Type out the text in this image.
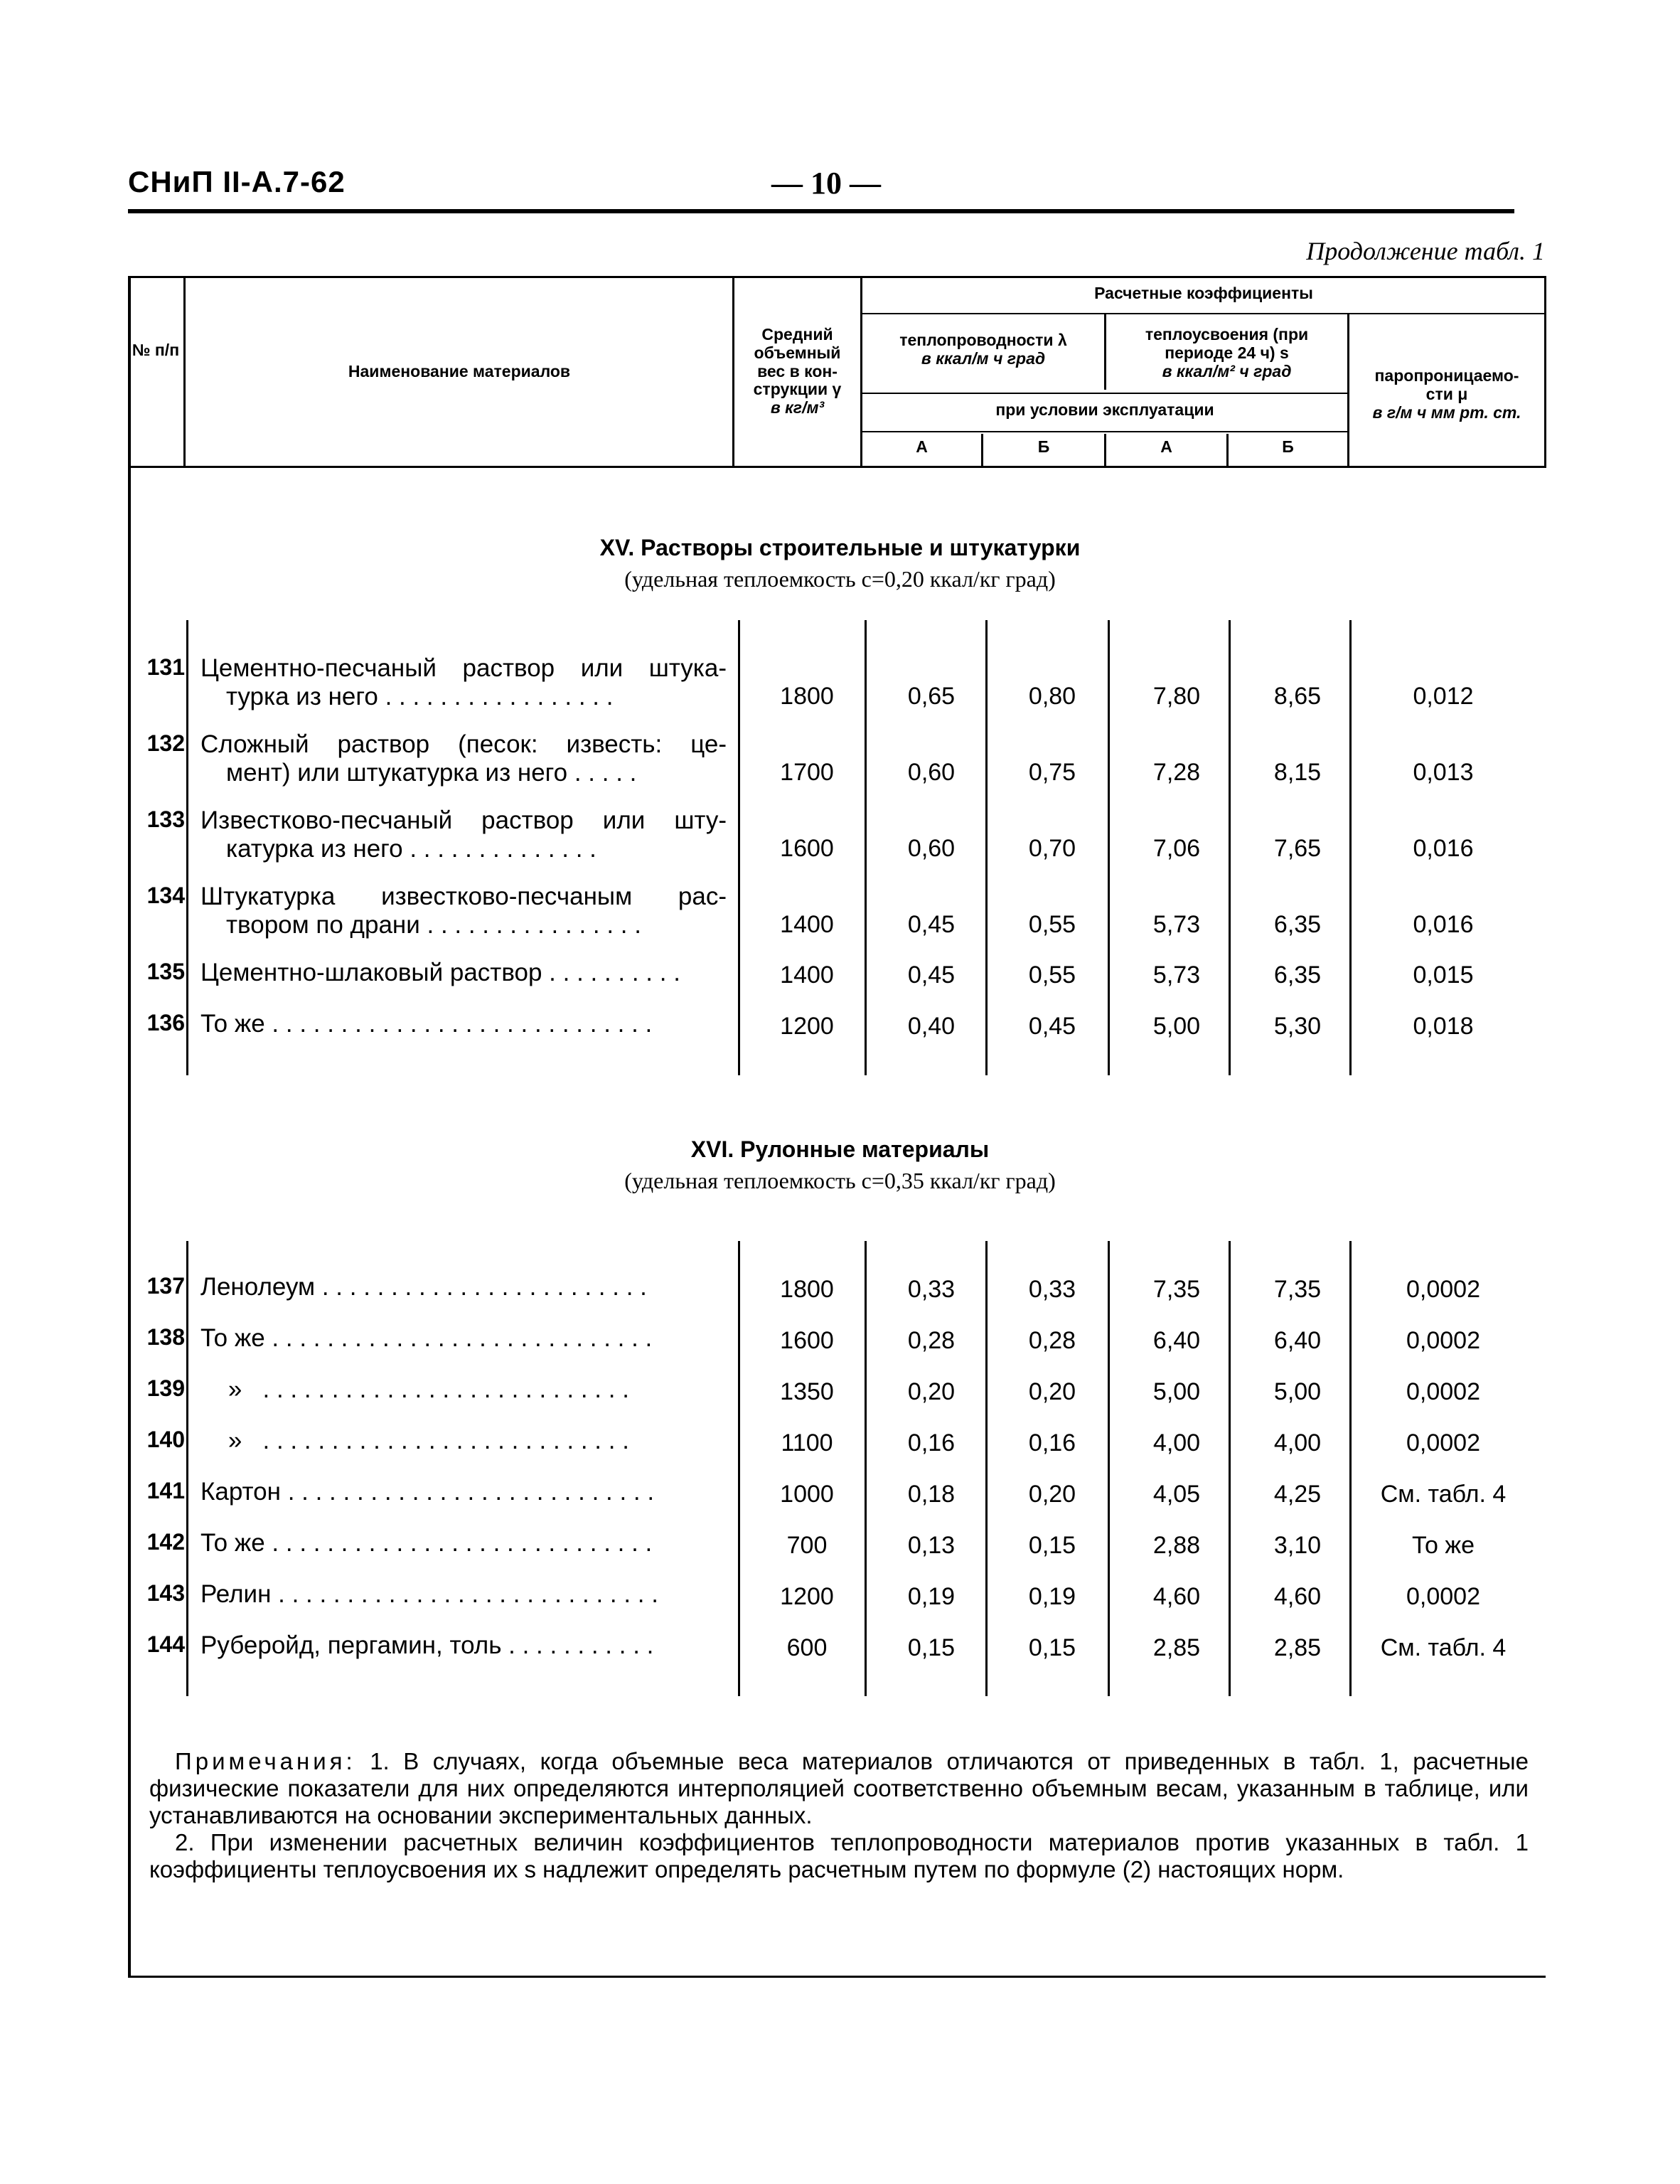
СНиП II-А.7-62	— 10 —
Продолжение табл. 1
№ п/п
Наименование материалов
Средний
объемный
вес в кон-
струкции γ
в кг/м³
Расчетные коэффициенты
теплопроводности λ
в ккал/м ч град
теплоусвоения (при
периоде 24 ч) s
в ккал/м² ч град	паропроницаемо-
сти μ
в г/м ч мм рт. ст.
при условии эксплуатации
А	Б	А	Б
XV. Растворы строительные и штукатурки
(удельная теплоемкость c=0,20 ккал/кг град)
131 Цементно-песчаный раствор или штука-
турка из него . . . . . . . . . . . . . . . . .	1800	0,65	0,80	7,80	8,65	0,012
132 Сложный раствор (песок: известь: це-
мент) или штукатурка из него . . . . .	1700	0,60	0,75	7,28	8,15	0,013
133 Известково-песчаный раствор или шту-
катурка из него . . . . . . . . . . . . . .	1600	0,60	0,70	7,06	7,65	0,016
134 Штукатурка известково-песчаным рас-
твором по драни . . . . . . . . . . . . . . . .	1400	0,45	0,55	5,73	6,35	0,016
135 Цементно-шлаковый раствор . . . . . . . . . .	1400	0,45	0,55	5,73	6,35	0,015
136 То же . . . . . . . . . . . . . . . . . . . . . . . . . . . .	1200	0,40	0,45	5,00	5,30	0,018
XVI. Рулонные материалы
(удельная теплоемкость c=0,35 ккал/кг град)
137 Ленолеум . . . . . . . . . . . . . . . . . . . . . . . .	1800	0,33	0,33	7,35	7,35	0,0002
138 То же . . . . . . . . . . . . . . . . . . . . . . . . . . . .	1600	0,28	0,28	6,40	6,40	0,0002
139 »   . . . . . . . . . . . . . . . . . . . . . . . . . . .	1350	0,20	0,20	5,00	5,00	0,0002
140 »   . . . . . . . . . . . . . . . . . . . . . . . . . . .	1100	0,16	0,16	4,00	4,00	0,0002
141 Картон . . . . . . . . . . . . . . . . . . . . . . . . . . .	1000	0,18	0,20	4,05	4,25	См. табл. 4
142 То же . . . . . . . . . . . . . . . . . . . . . . . . . . . .	700	0,13	0,15	2,88	3,10	То же
143 Релин . . . . . . . . . . . . . . . . . . . . . . . . . . . .	1200	0,19	0,19	4,60	4,60	0,0002
144 Руберойд, пергамин, толь . . . . . . . . . . .	600	0,15	0,15	2,85	2,85	См. табл. 4

Примечания: 1. В случаях, когда объемные веса материалов отличаются от приведенных в табл. 1, расчетные физические показатели для них определяются интерполяцией соответственно объемным весам, указанным в таблице, или устанавливаются на основании экспериментальных данных.

2. При изменении расчетных величин коэффициентов теплопроводности материалов против указанных в табл. 1 коэффициенты теплоусвоения их s надлежит определять расчетным путем по формуле (2) настоящих норм.
